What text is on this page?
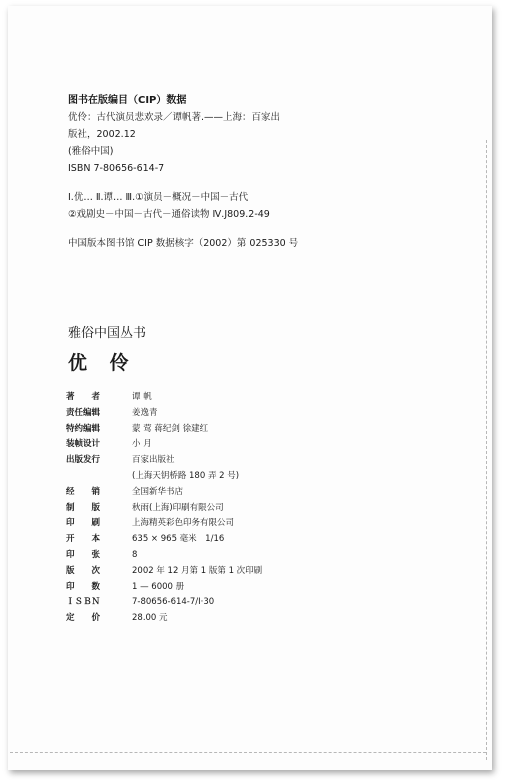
图书在版编目（CIP）数据
优伶：古代演员悲欢录／谭帆著.——上海：百家出
版社，2002.12
(雅俗中国)
ISBN 7-80656-614-7
Ⅰ.优… Ⅱ.谭… Ⅲ.①演员－概况－中国－古代
②戏剧史－中国－古代－通俗读物 Ⅳ.J809.2-49
中国版本图书馆 CIP 数据核字（2002）第 025330 号
雅俗中国丛书
优 伶
著　　者	谭 帆
责任编辑	姜逸青
特约编辑	蒙 莺 蒋纪剑 徐建红
装帧设计	小 月
出版发行	百家出版社
(上海天钥桥路 180 弄 2 号)
经　　销	全国新华书店
制　　版	秋雨(上海)印刷有限公司
印　　刷	上海精英彩色印务有限公司
开　　本	635 × 965 毫米　1/16
印　　张	8
版　　次	2002 年 12 月第 1 版第 1 次印刷
印　　数	1 — 6000 册
ＩＳＢＮ	7-80656-614-7/Ⅰ·30
定　　价	28.00 元
